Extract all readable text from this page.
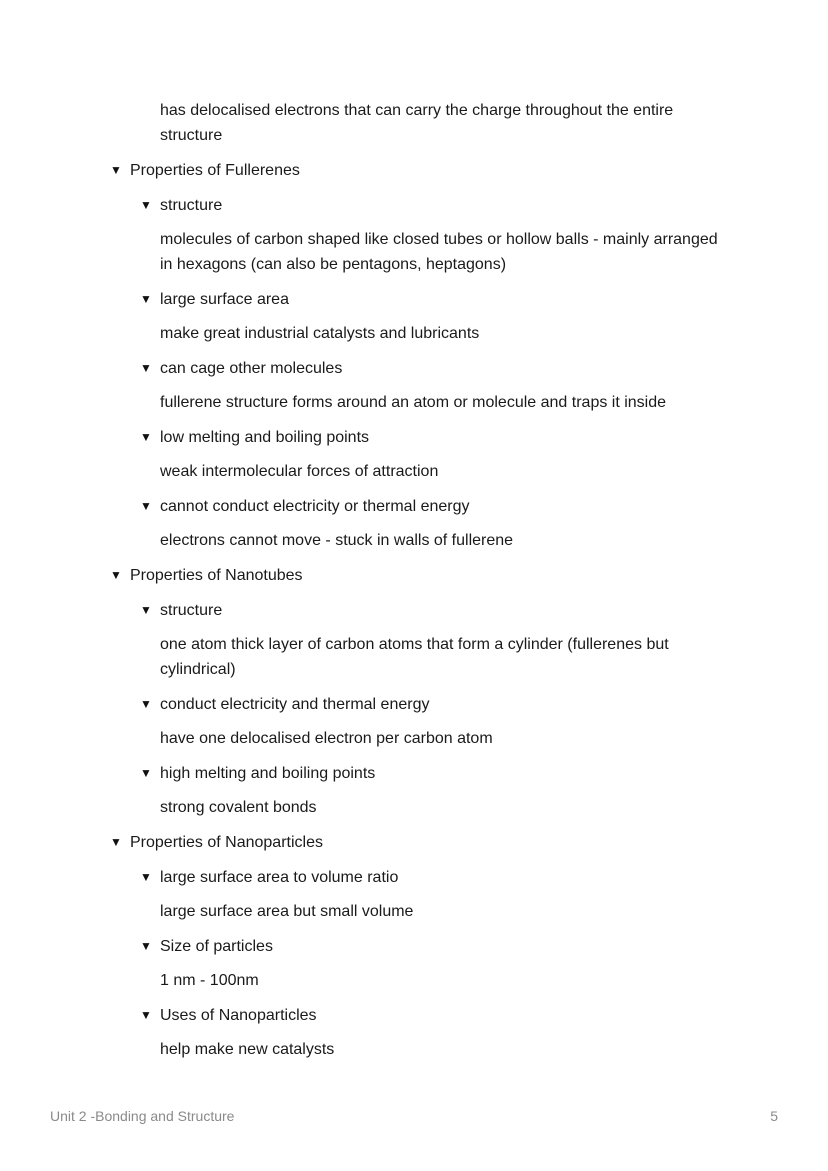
has delocalised electrons that can carry the charge throughout the entire structure

▼ Properties of Fullerenes
▼ structure

molecules of carbon shaped like closed tubes or hollow balls - mainly arranged in hexagons (can also be pentagons, heptagons)

▼ large surface area

make great industrial catalysts and lubricants

▼ can cage other molecules

fullerene structure forms around an atom or molecule and traps it inside

▼ low melting and boiling points

weak intermolecular forces of attraction

▼ cannot conduct electricity or thermal energy

electrons cannot move - stuck in walls of fullerene

▼ Properties of Nanotubes
▼ structure

one atom thick layer of carbon atoms that form a cylinder (fullerenes but cylindrical)

▼ conduct electricity and thermal energy

have one delocalised electron per carbon atom

▼ high melting and boiling points

strong covalent bonds

▼ Properties of Nanoparticles
▼ large surface area to volume ratio

large surface area but small volume

▼ Size of particles

1 nm - 100nm

▼ Uses of Nanoparticles

help make new catalysts

Unit 2 -Bonding and Structure	5
